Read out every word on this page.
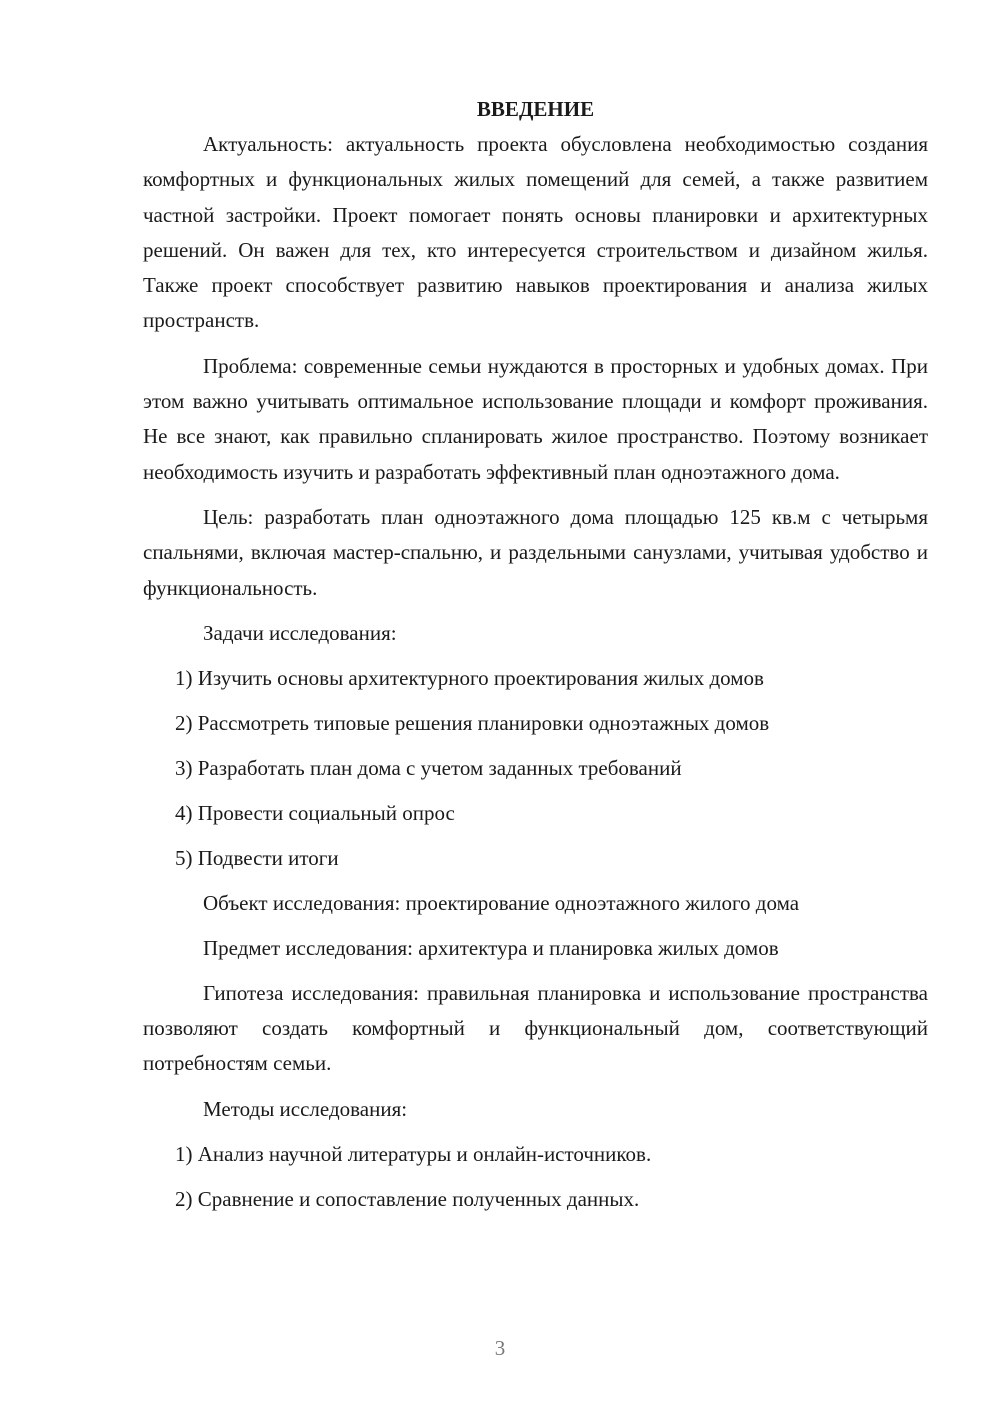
ВВЕДЕНИЕ

Актуальность: актуальность проекта обусловлена необходимостью создания комфортных и функциональных жилых помещений для семей, а также развитием частной застройки. Проект помогает понять основы планировки и архитектурных решений. Он важен для тех, кто интересуется строительством и дизайном жилья. Также проект способствует развитию навыков проектирования и анализа жилых пространств.

Проблема: современные семьи нуждаются в просторных и удобных домах. При этом важно учитывать оптимальное использование площади и комфорт проживания. Не все знают, как правильно спланировать жилое пространство. Поэтому возникает необходимость изучить и разработать эффективный план одноэтажного дома.

Цель: разработать план одноэтажного дома площадью 125 кв.м с четырьмя спальнями, включая мастер-спальню, и раздельными санузлами, учитывая удобство и функциональность.

Задачи исследования:

1) Изучить основы архитектурного проектирования жилых домов

2) Рассмотреть типовые решения планировки одноэтажных домов

3) Разработать план дома с учетом заданных требований

4) Провести социальный опрос

5) Подвести итоги

Объект исследования: проектирование одноэтажного жилого дома

Предмет исследования: архитектура и планировка жилых домов

Гипотеза исследования: правильная планировка и использование пространства позволяют создать комфортный и функциональный дом, соответствующий потребностям семьи.

Методы исследования:

1) Анализ научной литературы и онлайн-источников.

2) Сравнение и сопоставление полученных данных.

3
